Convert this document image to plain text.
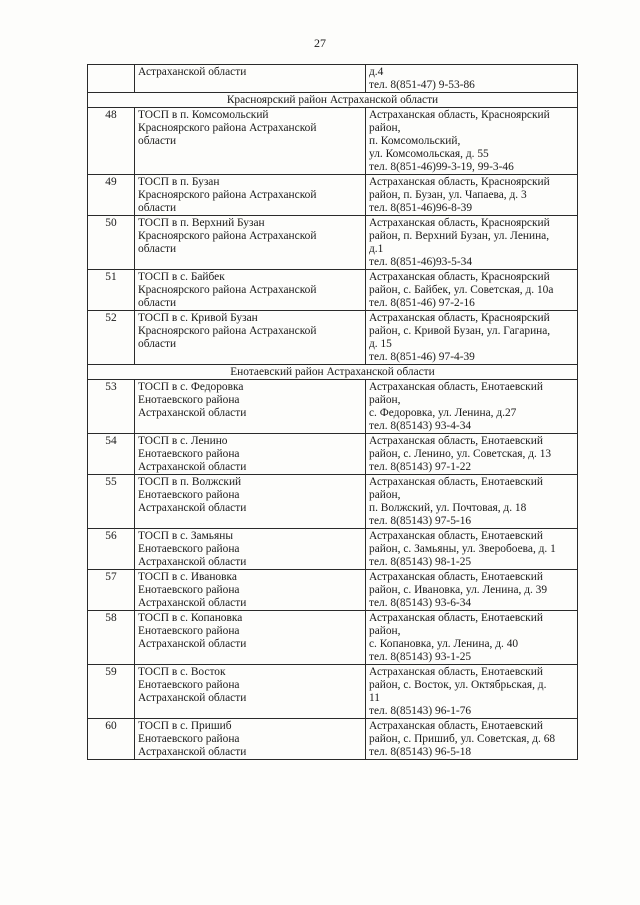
27

	Астраханской области	д.4
тел. 8(851-47) 9-53-86

Красноярский район Астраханской области		
48	ТОСП в п. Комсомольский
Красноярского района Астраханской
области	Астраханская область, Красноярский
район,
п. Комсомольский,
ул. Комсомольская, д. 55
тел. 8(851-46)99-3-19, 99-3-46

49	ТОСП в п. Бузан
Красноярского района Астраханской
области	Астраханская область, Красноярский
район, п. Бузан, ул. Чапаева, д. 3
тел. 8(851-46)96-8-39

50	ТОСП в п. Верхний Бузан
Красноярского района Астраханской
области	Астраханская область, Красноярский
район, п. Верхний Бузан, ул. Ленина,
д.1
тел. 8(851-46)93-5-34

51	ТОСП в с. Байбек
Красноярского района Астраханской
области	Астраханская область, Красноярский
район, с. Байбек, ул. Советская, д. 10а
тел. 8(851-46) 97-2-16

52	ТОСП в с. Кривой Бузан
Красноярского района Астраханской
области	Астраханская область, Красноярский
район, с. Кривой Бузан, ул. Гагарина,
д. 15
тел. 8(851-46) 97-4-39

Енотаевский район Астраханской области		
53	ТОСП в с. Федоровка
Енотаевского района
Астраханской области	Астраханская область, Енотаевский
район,
с. Федоровка, ул. Ленина, д.27
тел. 8(85143) 93-4-34

54	ТОСП в с. Ленино
Енотаевского района
Астраханской области	Астраханская область, Енотаевский
район, с. Ленино, ул. Советская, д. 13
тел. 8(85143) 97-1-22

55	ТОСП в п. Волжский
Енотаевского района
Астраханской области	Астраханская область, Енотаевский
район,
п. Волжский, ул. Почтовая, д. 18
тел. 8(85143) 97-5-16

56	ТОСП в с. Замьяны
Енотаевского района
Астраханской области	Астраханская область, Енотаевский
район, с. Замьяны, ул. Зверобоева, д. 1
тел. 8(85143) 98-1-25

57	ТОСП в с. Ивановка
Енотаевского района
Астраханской области	Астраханская область, Енотаевский
район, с. Ивановка, ул. Ленина, д. 39
тел. 8(85143) 93-6-34

58	ТОСП в с. Копановка
Енотаевского района
Астраханской области	Астраханская область, Енотаевский
район,
с. Копановка, ул. Ленина, д. 40
тел. 8(85143) 93-1-25

59	ТОСП в с. Восток
Енотаевского района
Астраханской области	Астраханская область, Енотаевский
район, с. Восток, ул. Октябрьская, д.
11
тел. 8(85143) 96-1-76

60	ТОСП в с. Пришиб
Енотаевского района
Астраханской области	Астраханская область, Енотаевский
район, с. Пришиб, ул. Советская, д. 68
тел. 8(85143) 96-5-18
